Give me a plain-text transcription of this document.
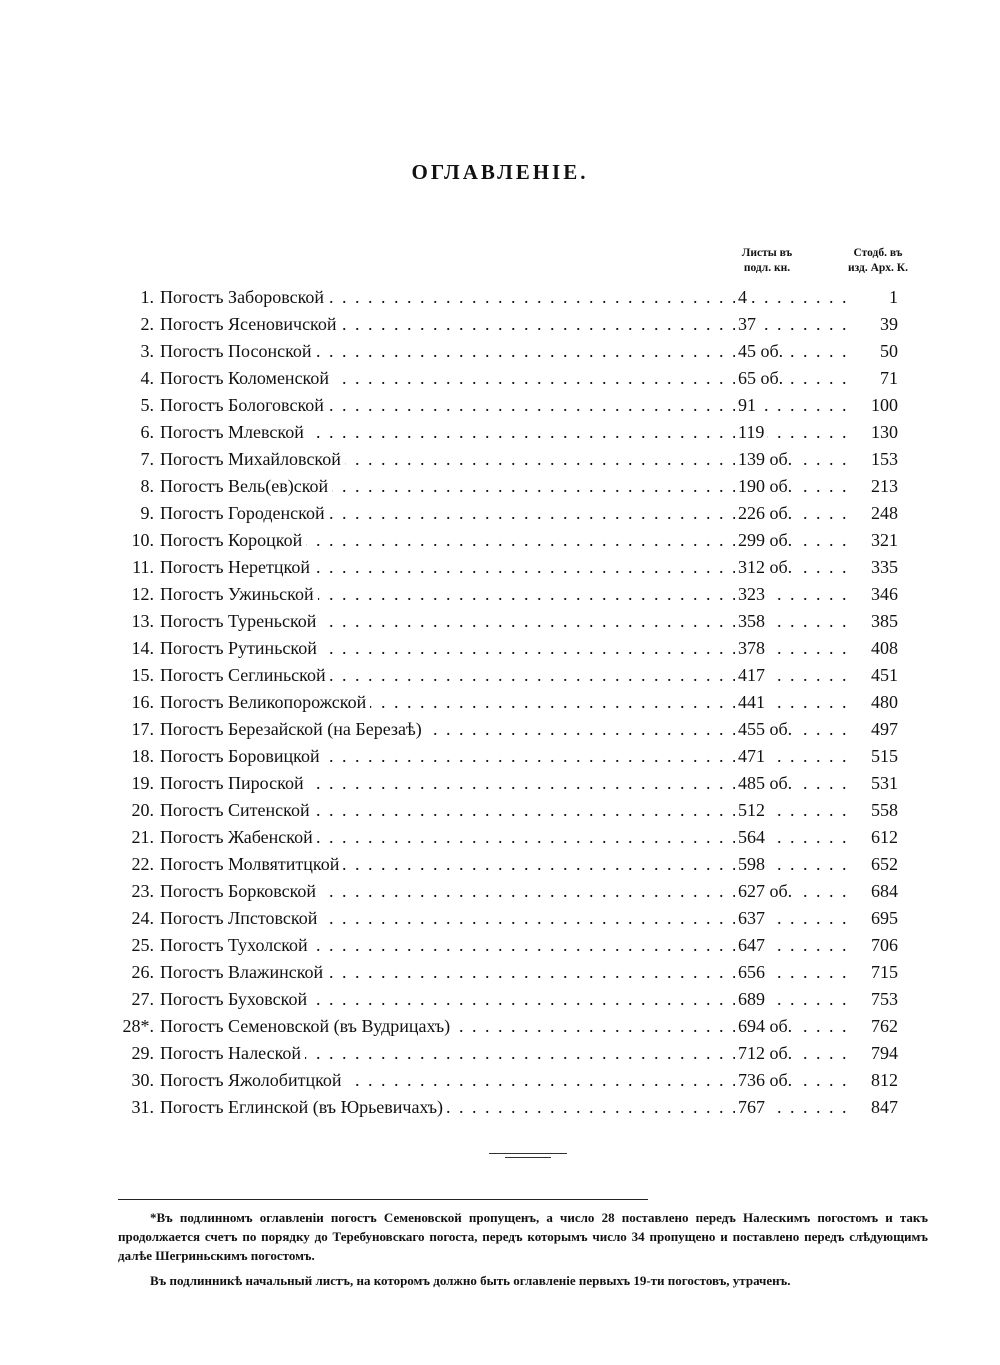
ОГЛАВЛЕНІЕ.
Листы въ
подл. кн.
Стодб. въ
изд. Арх. К.
1. Погостъ Заборовской . . .	4 . . .	1
2. Погостъ Ясеновичской . . .	37 . . .	39
3. Погостъ Посонской . . .	45 об. . . .	50
4. Погостъ Коломенской . . .	65 об. . . .	71
5. Погостъ Бологовской . . .	91 . . .	100
6. Погостъ Млевской . . .	119 . . .	130
7. Погостъ Михайловской . . .	139 об. . . .	153
8. Погостъ Вель(ев)ской . . .	190 об. . . .	213
9. Погостъ Городенской . . .	226 об. . . .	248
10. Погостъ Короцкой . . .	299 об. . . .	321
11. Погостъ Неретцкой . . .	312 об. . . .	335
12. Погостъ Ужиньской . . .	323 . . .	346
13. Погостъ Туреньской . . .	358 . . .	385
14. Погостъ Рутиньской . . .	378 . . .	408
15. Погостъ Сеглиньской . . .	417 . . .	451
16. Погостъ Великопорожской . . .	441 . . .	480
17. Погостъ Березайской (на Березаѣ) . . .	455 об. . . .	497
18. Погостъ Боровицкой . . .	471 . . .	515
19. Погостъ Пироской . . .	485 об. . . .	531
20. Погостъ Ситенской . . .	512 . . .	558
21. Погостъ Жабенской . . .	564 . . .	612
22. Погостъ Молвятитцкой . . .	598 . . .	652
23. Погостъ Борковской . . .	627 об. . . .	684
24. Погостъ Лпстовской . . .	637 . . .	695
25. Погостъ Тухолской . . .	647 . . .	706
26. Погостъ Влажинской . . .	656 . . .	715
27. Погостъ Буховской . . .	689 . . .	753
28*. Погостъ Семеновской (въ Вудрицахъ) . . .	694 об. . . .	762
29. Погостъ Налеской . . .	712 об. . . .	794
30. Погостъ Яжолобитцкой . . .	736 об. . . .	812
31. Погостъ Еглинской (въ Юрьевичахъ) . . .	767 . . .	847

*Въ подлинномъ оглавленіи погостъ Семеновской пропущенъ, а число 28 поставлено передъ Налескимъ погостомъ и такъ продолжается счетъ по порядку до Теребуновскаго погоста, передъ которымъ число 34 пропущено и поставлено передъ слѣдующимъ далѣе Шегриньскимъ погостомъ.

Въ подлинникѣ начальный листъ, на которомъ должно быть оглавленіе первыхъ 19-ти погостовъ, утраченъ.
